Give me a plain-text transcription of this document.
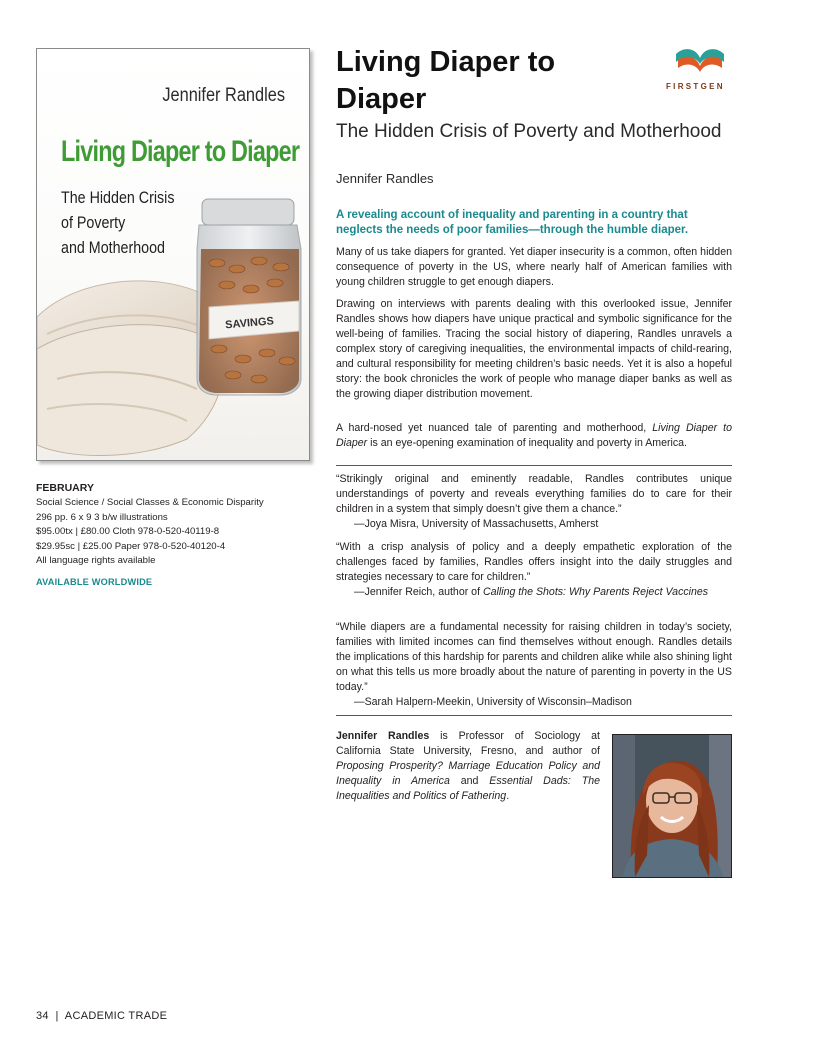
Jennifer Randles
Living Diaper to Diaper
The Hidden Crisis
of Poverty
and Motherhood
SAVINGS
FIRSTGEN
Living Diaper to Diaper
The Hidden Crisis of Poverty and Motherhood
Jennifer Randles
A revealing account of inequality and parenting in a country that neglects the needs of poor families—through the humble diaper.

Many of us take diapers for granted. Yet diaper insecurity is a common, often hidden consequence of poverty in the US, where nearly half of American families with young children struggle to get enough diapers.

Drawing on interviews with parents dealing with this overlooked issue, Jennifer Randles shows how diapers have unique practical and symbolic significance for the well-being of families. Tracing the social history of diapering, Randles unravels a complex story of caregiving inequalities, the environmental impacts of child-rearing, and cultural responsibility for meeting children’s basic needs. Yet it is also a hopeful story: the book chronicles the work of people who manage diaper banks as well as the growing diaper distribution movement.

A hard-nosed yet nuanced tale of parenting and motherhood, Living Diaper to Diaper is an eye-opening examination of inequality and poverty in America.

“Strikingly original and eminently readable, Randles contributes unique understandings of poverty and reveals everything families do to care for their children in a system that simply doesn’t give them a chance.”
—Joya Misra, University of Massachusetts, Amherst
“With a crisp analysis of policy and a deeply empathetic exploration of the challenges faced by families, Randles offers insight into the daily struggles and strategies necessary to care for children.”
—Jennifer Reich, author of Calling the Shots: Why Parents Reject Vaccines
“While diapers are a fundamental necessity for raising children in today’s society, families with limited incomes can find themselves without enough. Randles details the implications of this hardship for parents and children alike while also shining light on what this tells us more broadly about the nature of parenting in poverty in the US today.”
—Sarah Halpern-Meekin, University of Wisconsin–Madison
Jennifer Randles is Professor of Sociology at California State University, Fresno, and author of Proposing Prosperity? Marriage Education Policy and Inequality in America and Essential Dads: The Inequalities and Politics of Fathering.
FEBRUARY
Social Science / Social Classes & Economic Disparity
296 pp. 6 x 9 3 b/w illustrations
$95.00tx | £80.00 Cloth 978-0-520-40119-8
$29.95sc | £25.00 Paper 978-0-520-40120-4
All language rights available
AVAILABLE WORLDWIDE
34  |  ACADEMIC TRADE
